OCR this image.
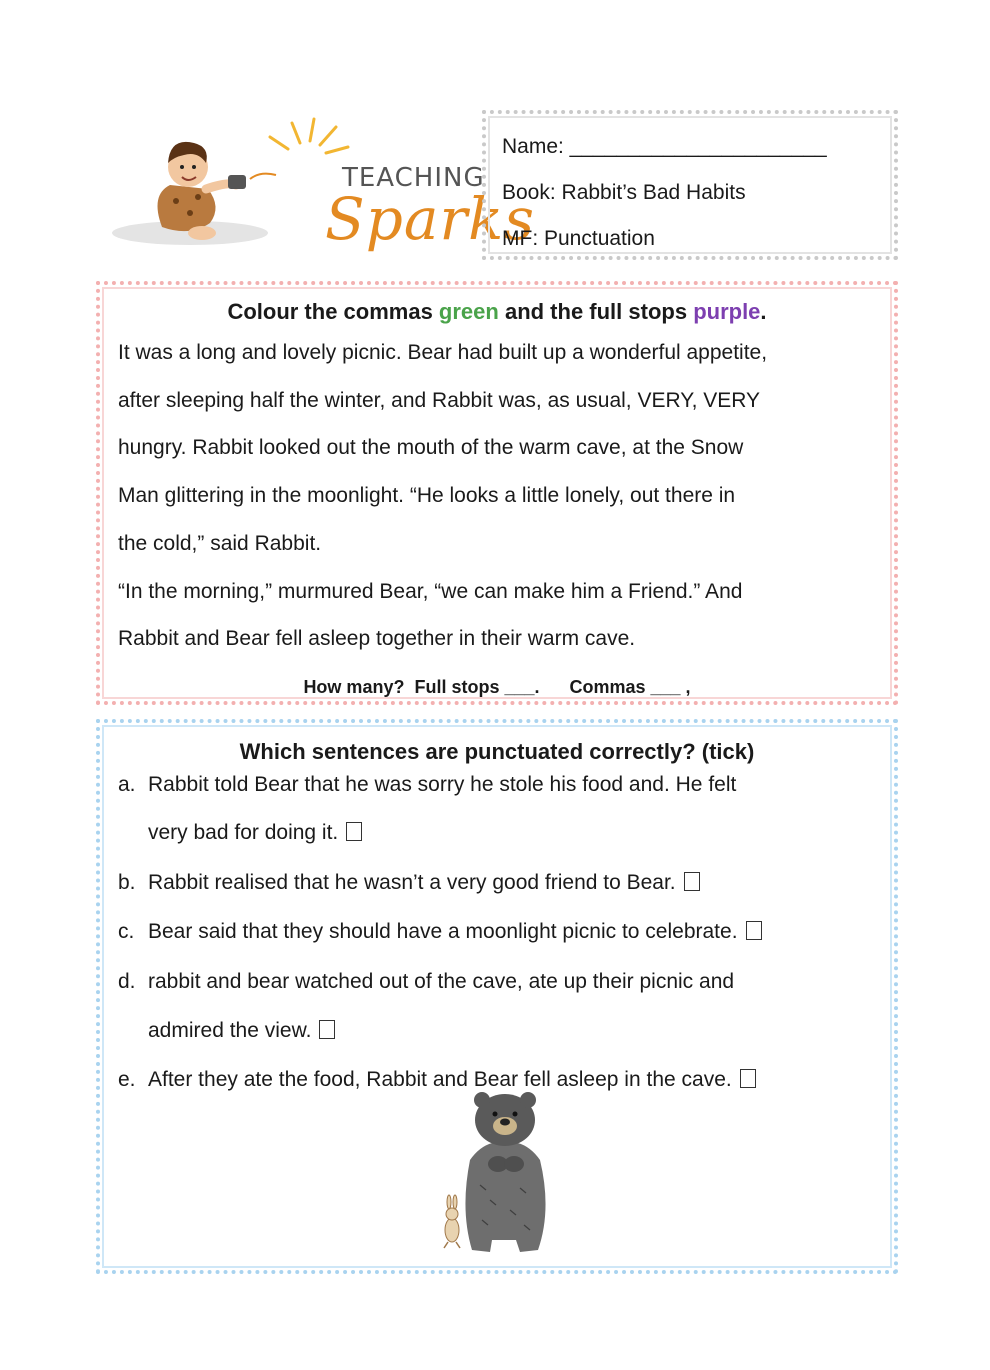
TEACHING
Sparks
Name: ______________________
Book: Rabbit’s Bad Habits
MF: Punctuation
Colour the commas green and the full stops purple.
It was a long and lovely picnic. Bear had built up a wonderful appetite,
after sleeping half the winter, and Rabbit was, as usual, VERY, VERY
hungry. Rabbit looked out the mouth of the warm cave, at the Snow
Man glittering in the moonlight. “He looks a little lonely, out there in
the cold,” said Rabbit.
“In the morning,” murmured Bear, “we can make him a Friend.” And
Rabbit and Bear fell asleep together in their warm cave.
How many?  Full stops ___.      Commas ___ ,
Which sentences are punctuated correctly? (tick)
a. Rabbit told Bear that he was sorry he stole his food and. He felt
very bad for doing it.
b. Rabbit realised that he wasn’t a very good friend to Bear.
c. Bear said that they should have a moonlight picnic to celebrate.
d. rabbit and bear watched out of the cave, ate up their picnic and
admired the view.
e. After they ate the food, Rabbit and Bear fell asleep in the cave.
